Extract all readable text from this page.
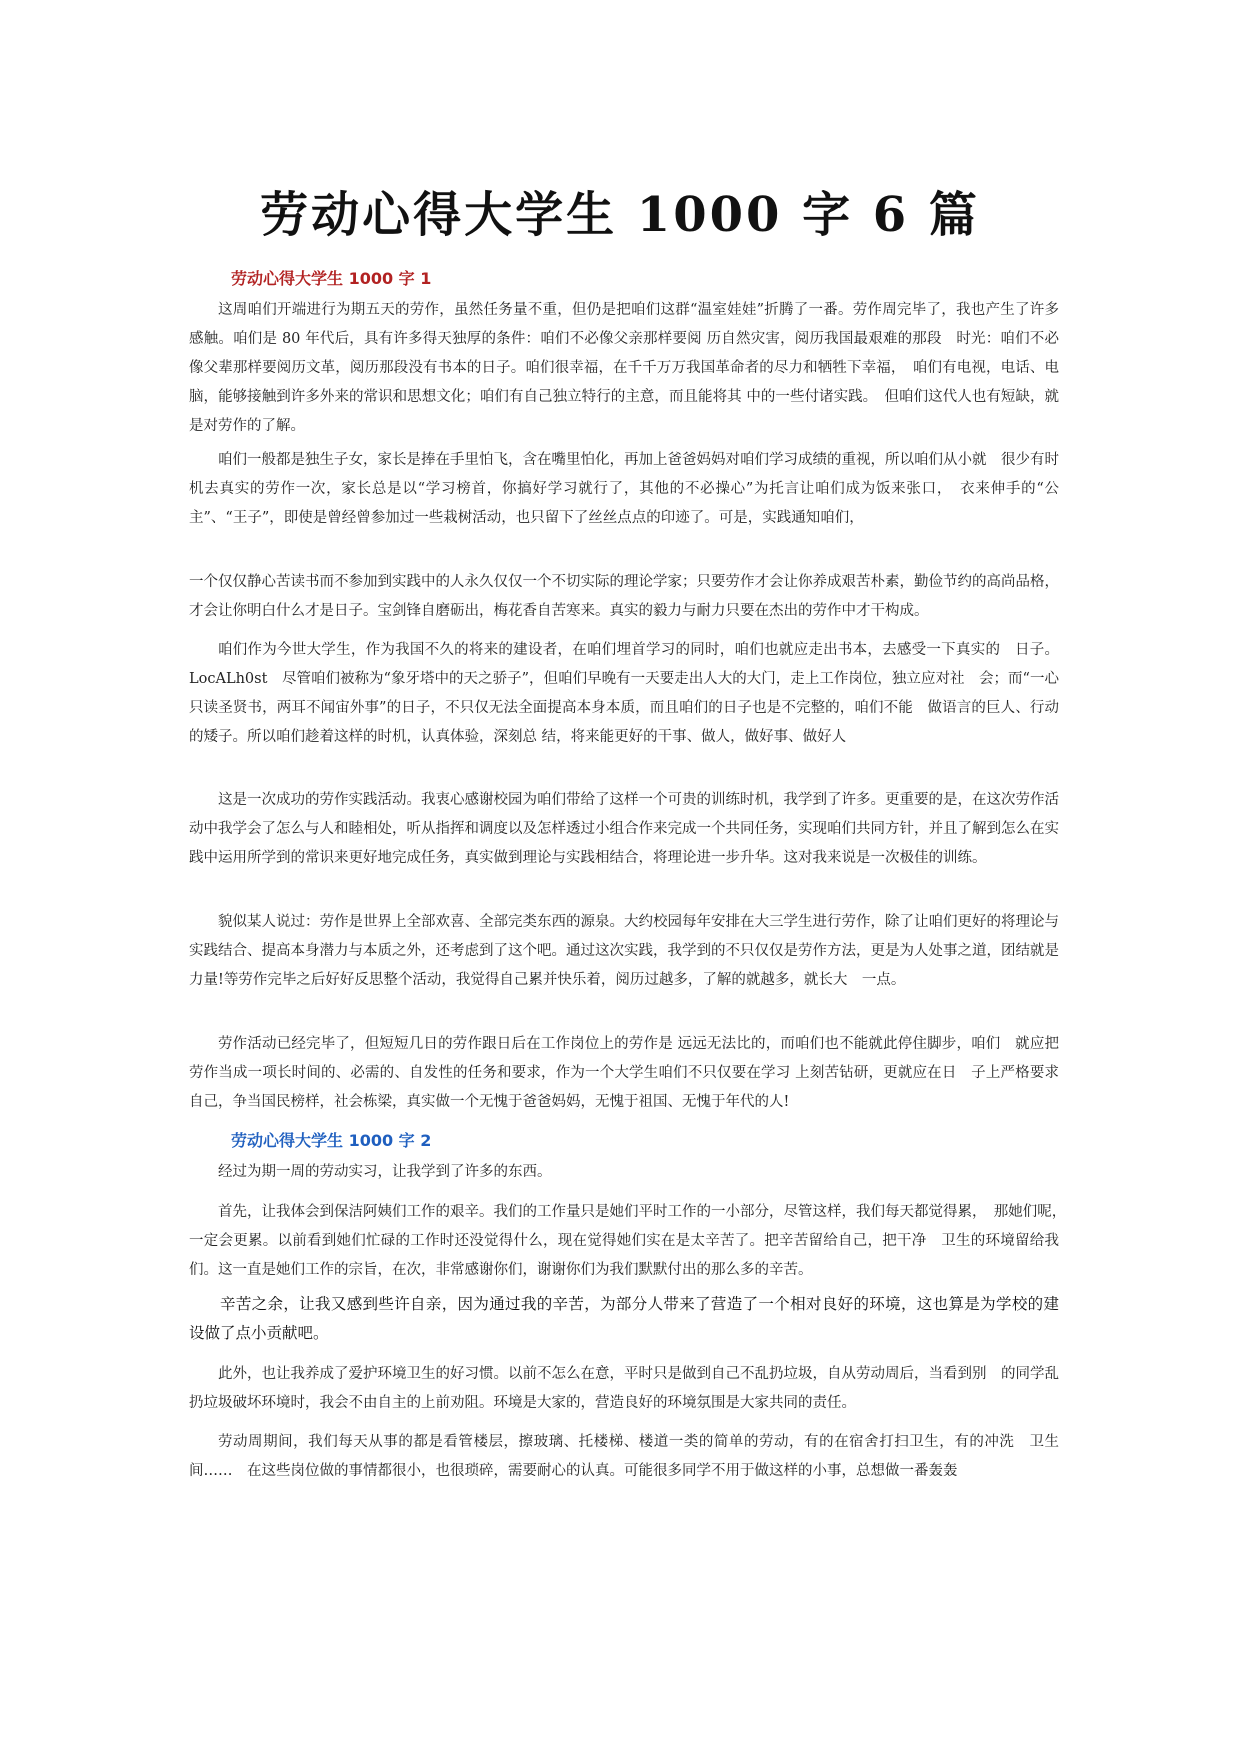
劳动心得大学生 1000 字 6 篇
劳动心得大学生 1000 字 1
这周咱们开端进行为期五天的劳作，虽然任务量不重，但仍是把咱们这群“温室娃娃”折腾了一番。劳作周完毕了，我也产生了许多感触。咱们是 80 年代后，具有许多得天独厚的条件：咱们不必像父亲那样要阅 历自然灾害，阅历我国最艰难的那段　时光：咱们不必像父辈那样要阅历文革，阅历那段没有书本的日子。咱们很幸福，在千千万万我国革命者的尽力和牺牲下幸福，　咱们有电视，电话、电脑，能够接触到许多外来的常识和思想文化；咱们有自己独立特行的主意，而且能将其 中的一些付诸实践。　但咱们这代人也有短缺，就是对劳作的了解。
咱们一般都是独生子女，家长是捧在手里怕飞，含在嘴里怕化，再加上爸爸妈妈对咱们学习成绩的重视，所以咱们从小就　很少有时机去真实的劳作一次，家长总是以“学习榜首，你搞好学习就行了，其他的不必操心”为托言让咱们成为饭来张口，　衣来伸手的“公主”、“王子”，即使是曾经曾参加过一些栽树活动，也只留下了丝丝点点的印迹了。可是，实践通知咱们，
一个仅仅静心苦读书而不参加到实践中的人永久仅仅一个不切实际的理论学家；只要劳作才会让你养成艰苦朴素，勤俭节约的高尚品格，才会让你明白什么才是日子。宝剑锋自磨砺出，梅花香自苦寒来。真实的毅力与耐力只要在杰出的劳作中才干构成。
咱们作为今世大学生，作为我国不久的将来的建设者，在咱们埋首学习的同时，咱们也就应走出书本，去感受一下真实的　日子。LocALh0st　尽管咱们被称为“象牙塔中的天之骄子”，但咱们早晚有一天要走出人大的大门，走上工作岗位，独立应对社　会；而“一心只读圣贤书，两耳不闻宙外事”的日子，不只仅无法全面提高本身本质，而且咱们的日子也是不完整的，咱们不能　做语言的巨人、行动的矮子。所以咱们趁着这样的时机，认真体验，深刻总 结，将来能更好的干事、做人，做好事、做好人
这是一次成功的劳作实践活动。我衷心感谢校园为咱们带给了这样一个可贵的训练时机，我学到了许多。更重要的是，在这次劳作活动中我学会了怎么与人和睦相处，听从指挥和调度以及怎样透过小组合作来完成一个共同任务，实现咱们共同方针，并且了解到怎么在实践中运用所学到的常识来更好地完成任务，真实做到理论与实践相结合，将理论进一步升华。这对我来说是一次极佳的训练。
貌似某人说过：劳作是世界上全部欢喜、全部完类东西的源泉。大约校园每年安排在大三学生进行劳作，除了让咱们更好的将理论与实践结合、提高本身潜力与本质之外，还考虑到了这个吧。通过这次实践，我学到的不只仅仅是劳作方法，更是为人处事之道，团结就是力量!等劳作完毕之后好好反思整个活动，我觉得自己累并快乐着，阅历过越多，了解的就越多，就长大　一点。
劳作活动已经完毕了，但短短几日的劳作跟日后在工作岗位上的劳作是 远远无法比的，而咱们也不能就此停住脚步，咱们　就应把劳作当成一项长时间的、必需的、自发性的任务和要求，作为一个大学生咱们不只仅要在学习 上刻苦钻研，更就应在日　子上严格要求自己，争当国民榜样，社会栋梁，真实做一个无愧于爸爸妈妈，无愧于祖国、无愧于年代的人!
劳动心得大学生 1000 字 2
经过为期一周的劳动实习，让我学到了许多的东西。
首先，让我体会到保洁阿姨们工作的艰辛。我们的工作量只是她们平时工作的一小部分，尽管这样，我们每天都觉得累，　那她们呢，　一定会更累。以前看到她们忙碌的工作时还没觉得什么，现在觉得她们实在是太辛苦了。把辛苦留给自己，把干净　卫生的环境留给我们。这一直是她们工作的宗旨，在次，非常感谢你们，谢谢你们为我们默默付出的那么多的辛苦。
辛苦之余，让我又感到些许自亲，因为通过我的辛苦，为部分人带来了营造了一个相对良好的环境，这也算是为学校的建　设做了点小贡献吧。
此外，也让我养成了爱护环境卫生的好习惯。以前不怎么在意，平时只是做到自己不乱扔垃圾，自从劳动周后，当看到别　的同学乱扔垃圾破坏环境时，我会不由自主的上前劝阻。环境是大家的，营造良好的环境氛围是大家共同的责任。
劳动周期间，我们每天从事的都是看管楼层，擦玻璃、托楼梯、楼道一类的简单的劳动，有的在宿舍打扫卫生，有的冲洗　卫生间……　在这些岗位做的事情都很小，也很琐碎，需要耐心的认真。可能很多同学不用于做这样的小事，总想做一番轰轰
